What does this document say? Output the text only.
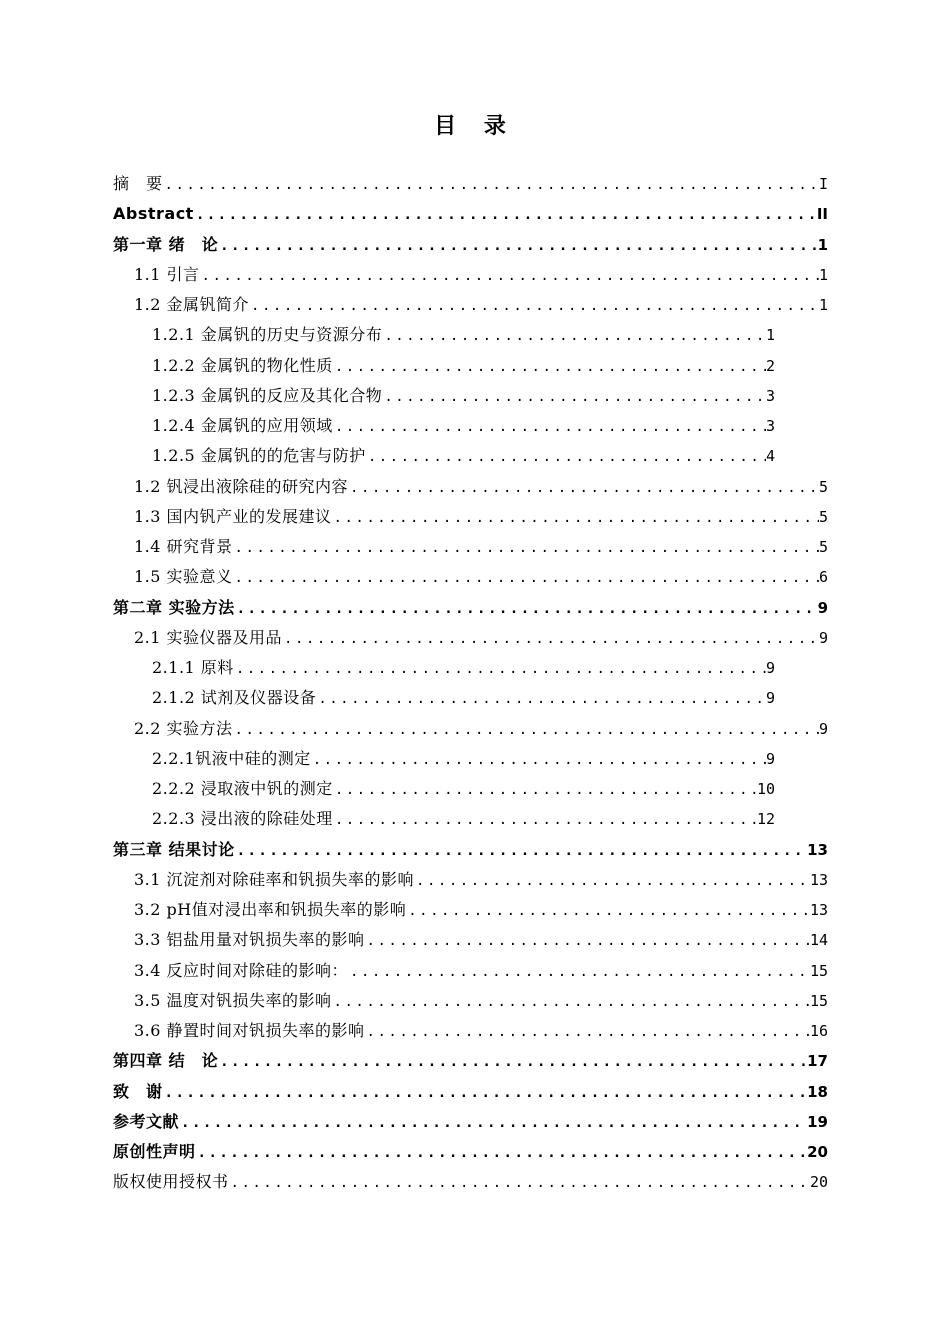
目 录
摘　要 .....	I
Abstract .....	II
第一章 绪　论 .....	1
1.1 引言 .....	1
1.2 金属钒简介 .....	1
1.2.1 金属钒的历史与资源分布 .....	1
1.2.2 金属钒的物化性质 .....	2
1.2.3 金属钒的反应及其化合物 .....	3
1.2.4 金属钒的应用领域 .....	3
1.2.5 金属钒的的危害与防护 .....	4
1.2 钒浸出液除硅的研究内容 .....	5
1.3 国内钒产业的发展建议 .....	5
1.4 研究背景 .....	5
1.5 实验意义 .....	6
第二章 实验方法 .....	9
2.1 实验仪器及用品 .....	9
2.1.1 原料 .....	9
2.1.2 试剂及仪器设备 .....	9
2.2 实验方法 .....	9
2.2.1钒液中硅的测定 .....	9
2.2.2 浸取液中钒的测定 .....	10
2.2.3 浸出液的除硅处理 .....	12
第三章 结果讨论 .....	13
3.1 沉淀剂对除硅率和钒损失率的影响 .....	13
3.2 pH值对浸出率和钒损失率的影响 .....	13
3.3 铝盐用量对钒损失率的影响 .....	14
3.4 反应时间对除硅的影响： .....	15
3.5 温度对钒损失率的影响 .....	15
3.6 静置时间对钒损失率的影响 .....	16
第四章 结　论 .....	17
致　谢 .....	18
参考文献 .....	19
原创性声明 .....	20
版权使用授权书 .....	20
